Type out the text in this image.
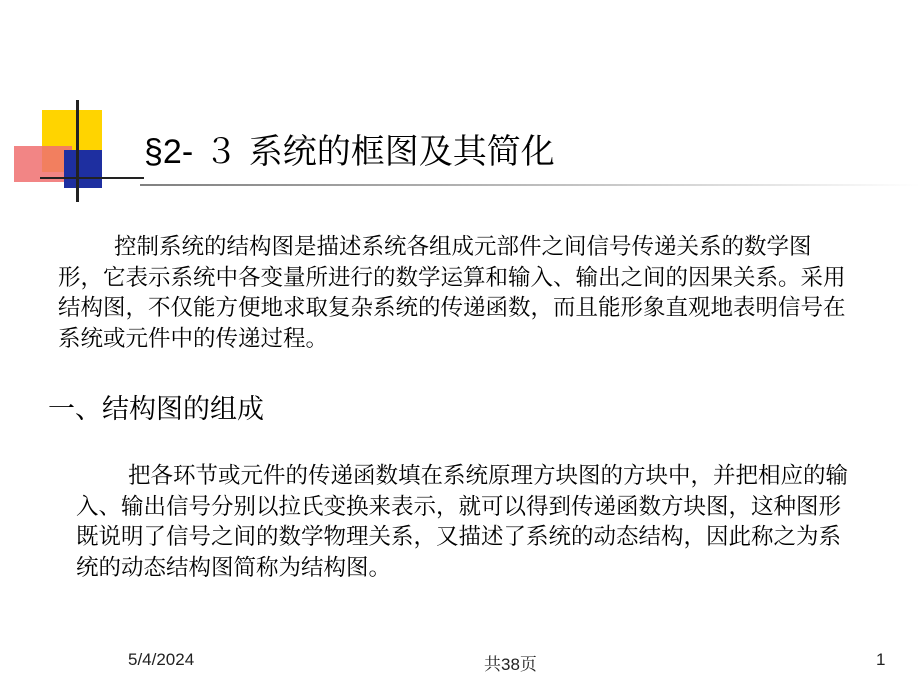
§2- ３ 系统的框图及其简化

控制系统的结构图是描述系统各组成元部件之间信号传递关系的数学图形，它表示系统中各变量所进行的数学运算和输入、输出之间的因果关系。采用结构图，不仅能方便地求取复杂系统的传递函数，而且能形象直观地表明信号在系统或元件中的传递过程。

一、结构图的组成

把各环节或元件的传递函数填在系统原理方块图的方块中，并把相应的输入、输出信号分别以拉氏变换来表示，就可以得到传递函数方块图，这种图形既说明了信号之间的数学物理关系，又描述了系统的动态结构，因此称之为系统的动态结构图简称为结构图。

5/4/2024	共38页	1
